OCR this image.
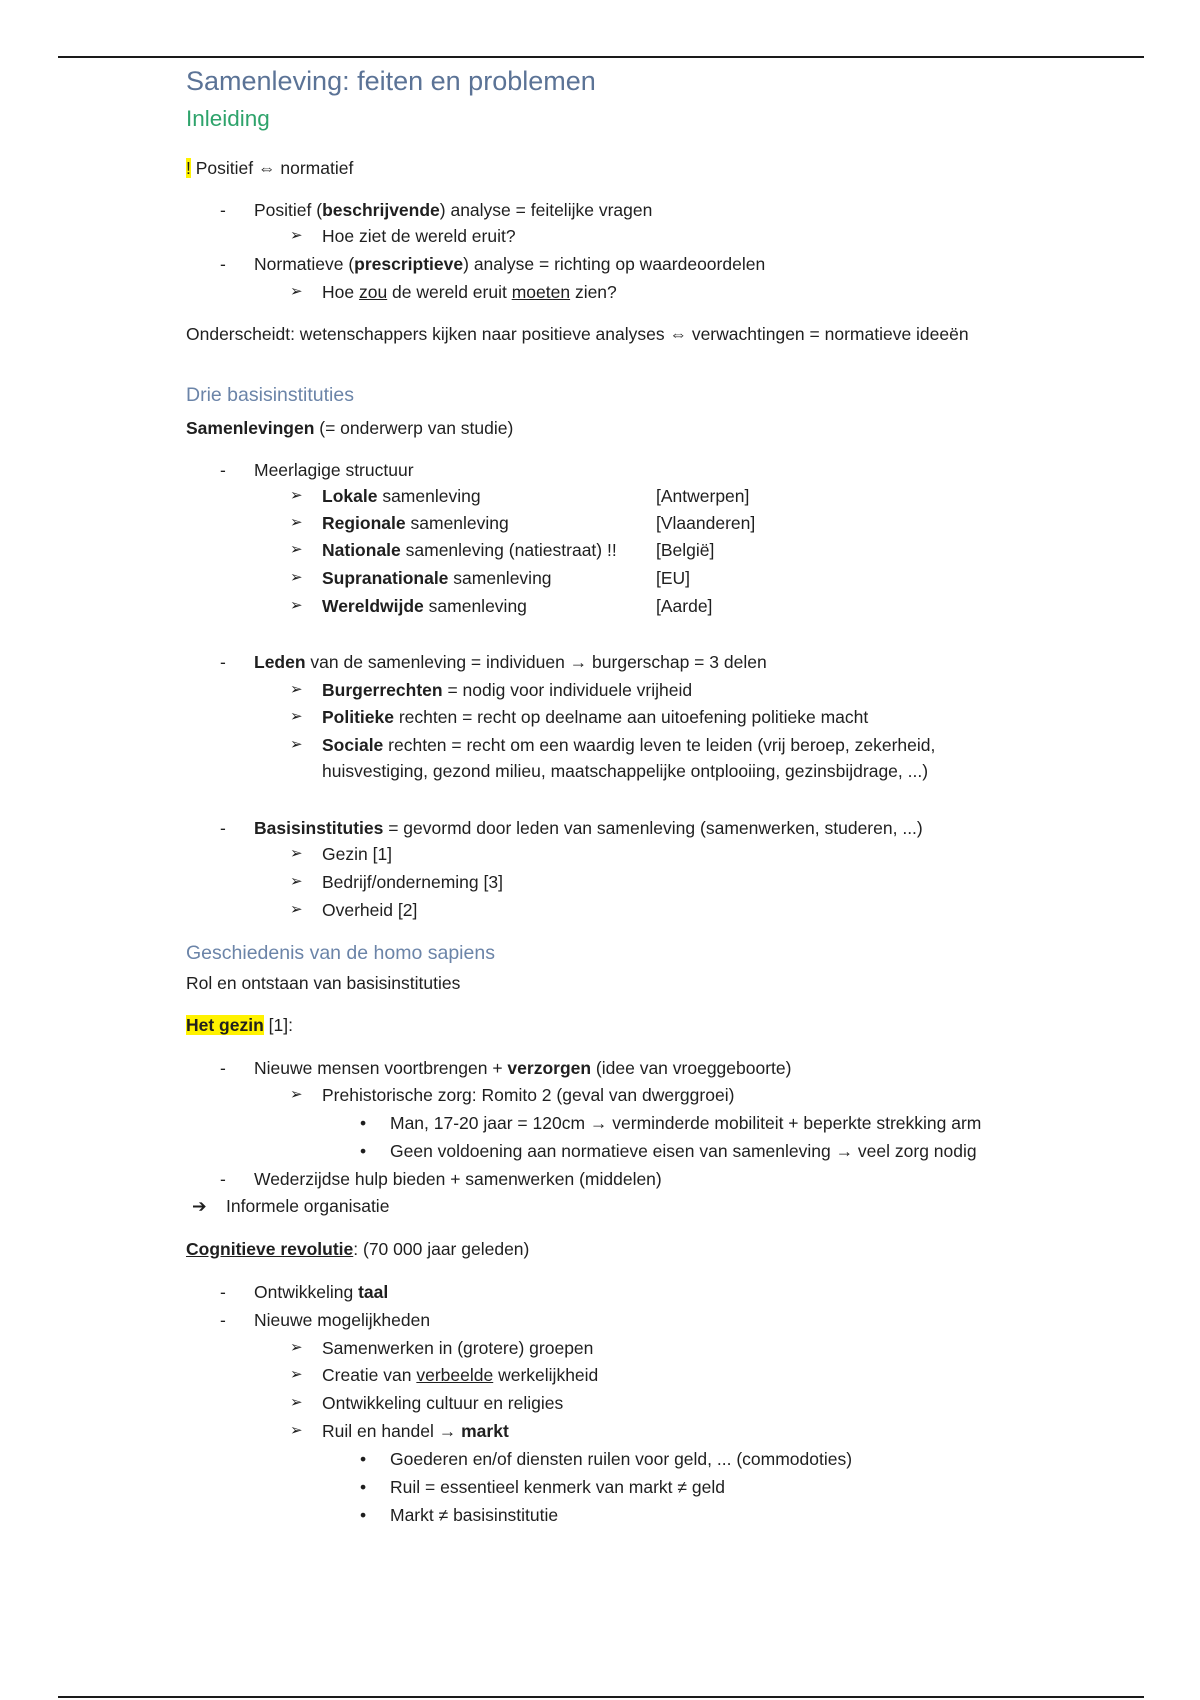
Samenleving: feiten en problemen
Inleiding
! Positief ⇔ normatief
- Positief (beschrijvende) analyse = feitelijke vragen
➢ Hoe ziet de wereld eruit?
- Normatieve (prescriptieve) analyse = richting op waardeoordelen
➢ Hoe zou de wereld eruit moeten zien?
Onderscheidt: wetenschappers kijken naar positieve analyses ⇔ verwachtingen = normatieve ideeën
Drie basisinstituties
Samenlevingen (= onderwerp van studie)
- Meerlagige structuur
➢ Lokale samenleving	[Antwerpen]
➢ Regionale samenleving	[Vlaanderen]
➢ Nationale samenleving (natiestraat) !! [België]
➢ Supranationale samenleving	[EU]
➢ Wereldwijde samenleving	[Aarde]
- Leden van de samenleving = individuen → burgerschap = 3 delen
➢ Burgerrechten = nodig voor individuele vrijheid
➢ Politieke rechten = recht op deelname aan uitoefening politieke macht
➢ Sociale rechten = recht om een waardig leven te leiden (vrij beroep, zekerheid,
huisvestiging, gezond milieu, maatschappelijke ontplooiing, gezinsbijdrage, ...)
- Basisinstituties = gevormd door leden van samenleving (samenwerken, studeren, ...)
➢ Gezin [1]
➢ Bedrijf/onderneming [3]
➢ Overheid [2]
Geschiedenis van de homo sapiens
Rol en ontstaan van basisinstituties
Het gezin [1]:
- Nieuwe mensen voortbrengen + verzorgen (idee van vroeggeboorte)
➢ Prehistorische zorg: Romito 2 (geval van dwerggroei)
• Man, 17-20 jaar = 120cm → verminderde mobiliteit + beperkte strekking arm
• Geen voldoening aan normatieve eisen van samenleving → veel zorg nodig
- Wederzijdse hulp bieden + samenwerken (middelen)
➔ Informele organisatie
Cognitieve revolutie: (70 000 jaar geleden)
- Ontwikkeling taal
- Nieuwe mogelijkheden
➢ Samenwerken in (grotere) groepen
➢ Creatie van verbeelde werkelijkheid
➢ Ontwikkeling cultuur en religies
➢ Ruil en handel → markt
• Goederen en/of diensten ruilen voor geld, ... (commodoties)
• Ruil = essentieel kenmerk van markt ≠ geld
• Markt ≠ basisinstitutie
